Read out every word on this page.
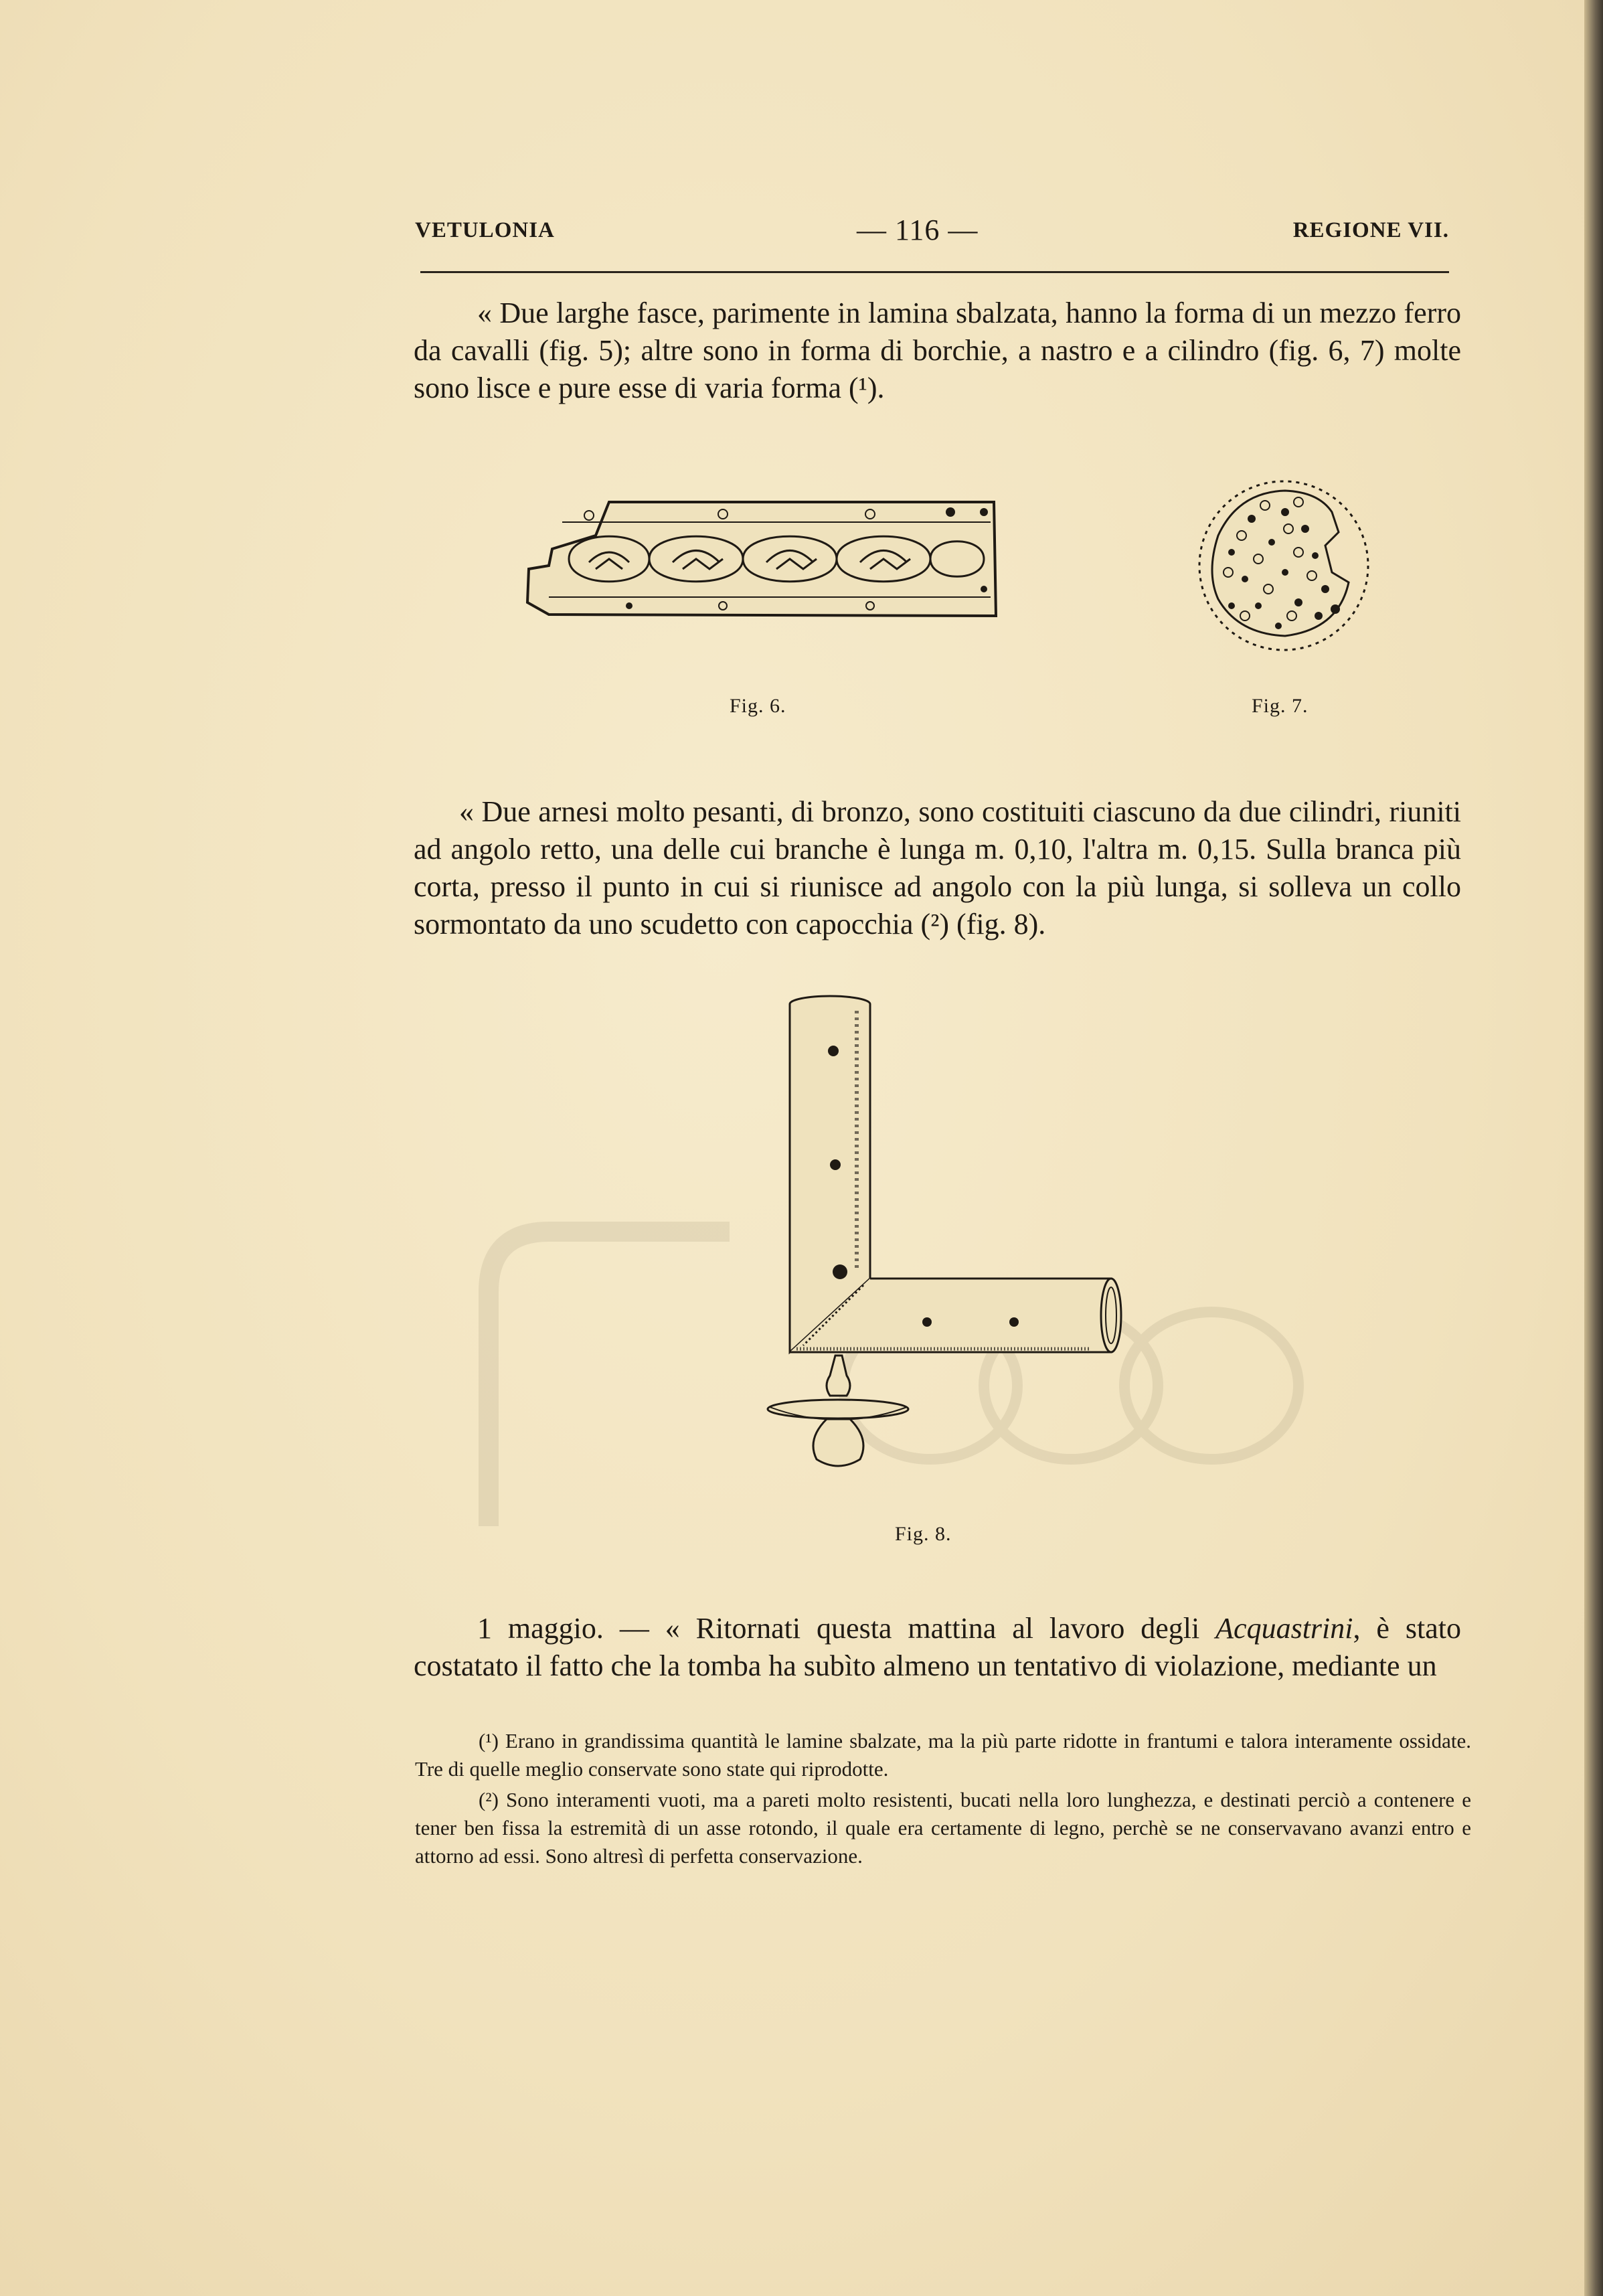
VETULONIA	— 116 —	REGIONE VII.
« Due larghe fasce, parimente in lamina sbalzata, hanno la forma di un mezzo ferro da cavalli (fig. 5); altre sono in forma di borchie, a nastro e a cilindro (fig. 6, 7) molte sono lisce e pure esse di varia forma (¹).
Fig. 6.	Fig. 7.
« Due arnesi molto pesanti, di bronzo, sono costituiti ciascuno da due cilindri, riuniti ad angolo retto, una delle cui branche è lunga m. 0,10, l'altra m. 0,15. Sulla branca più corta, presso il punto in cui si riunisce ad angolo con la più lunga, si solleva un collo sormontato da uno scudetto con capocchia (²) (fig. 8).
Fig. 8.
1 maggio. — « Ritornati questa mattina al lavoro degli Acquastrini, è stato costatato il fatto che la tomba ha subìto almeno un tentativo di violazione, mediante un

(¹) Erano in grandissima quantità le lamine sbalzate, ma la più parte ridotte in frantumi e talora interamente ossidate. Tre di quelle meglio conservate sono state qui riprodotte.

(²) Sono interamenti vuoti, ma a pareti molto resistenti, bucati nella loro lunghezza, e destinati perciò a contenere e tener ben fissa la estremità di un asse rotondo, il quale era certamente di legno, perchè se ne conservavano avanzi entro e attorno ad essi. Sono altresì di perfetta conservazione.
